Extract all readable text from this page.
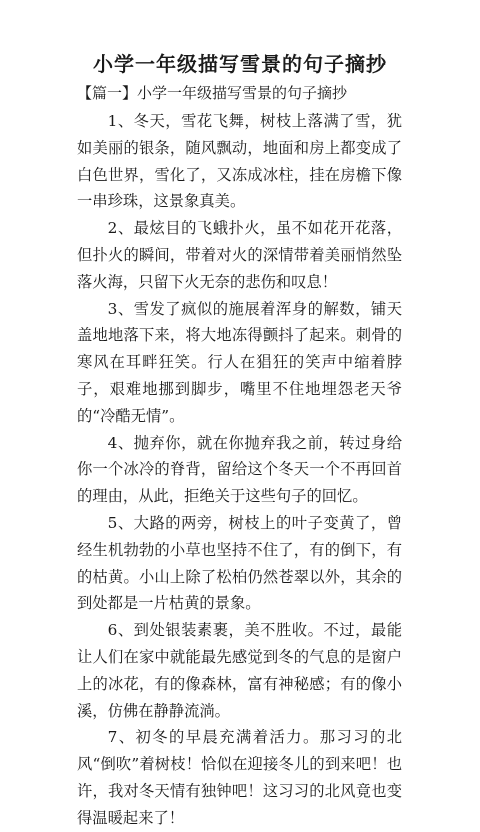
小学一年级描写雪景的句子摘抄
【篇一】小学一年级描写雪景的句子摘抄

1、冬天，雪花飞舞，树枝上落满了雪，犹如美丽的银条，随风飘动，地面和房上都变成了白色世界，雪化了，又冻成冰柱，挂在房檐下像一串珍珠，这景象真美。

2、最炫目的飞蛾扑火，虽不如花开花落，但扑火的瞬间，带着对火的深情带着美丽悄然坠落火海，只留下火无奈的悲伤和叹息！

3、雪发了疯似的施展着浑身的解数，铺天盖地地落下来，将大地冻得颤抖了起来。刺骨的寒风在耳畔狂笑。行人在猖狂的笑声中缩着脖子，艰难地挪到脚步，嘴里不住地埋怨老天爷的“冷酷无情”。

4、抛弃你，就在你抛弃我之前，转过身给你一个冰冷的脊背，留给这个冬天一个不再回首的理由，从此，拒绝关于这些句子的回忆。

5、大路的两旁，树枝上的叶子变黄了，曾经生机勃勃的小草也坚持不住了，有的倒下，有的枯黄。小山上除了松柏仍然苍翠以外，其余的到处都是一片枯黄的景象。

6、到处银装素裹，美不胜收。不过，最能让人们在家中就能最先感觉到冬的气息的是窗户上的冰花，有的像森林，富有神秘感；有的像小溪，仿佛在静静流淌。

7、初冬的早晨充满着活力。那习习的北风“倒吹”着树枝！恰似在迎接冬儿的到来吧！也许，我对冬天情有独钟吧！这习习的北风竟也变得温暖起来了！
